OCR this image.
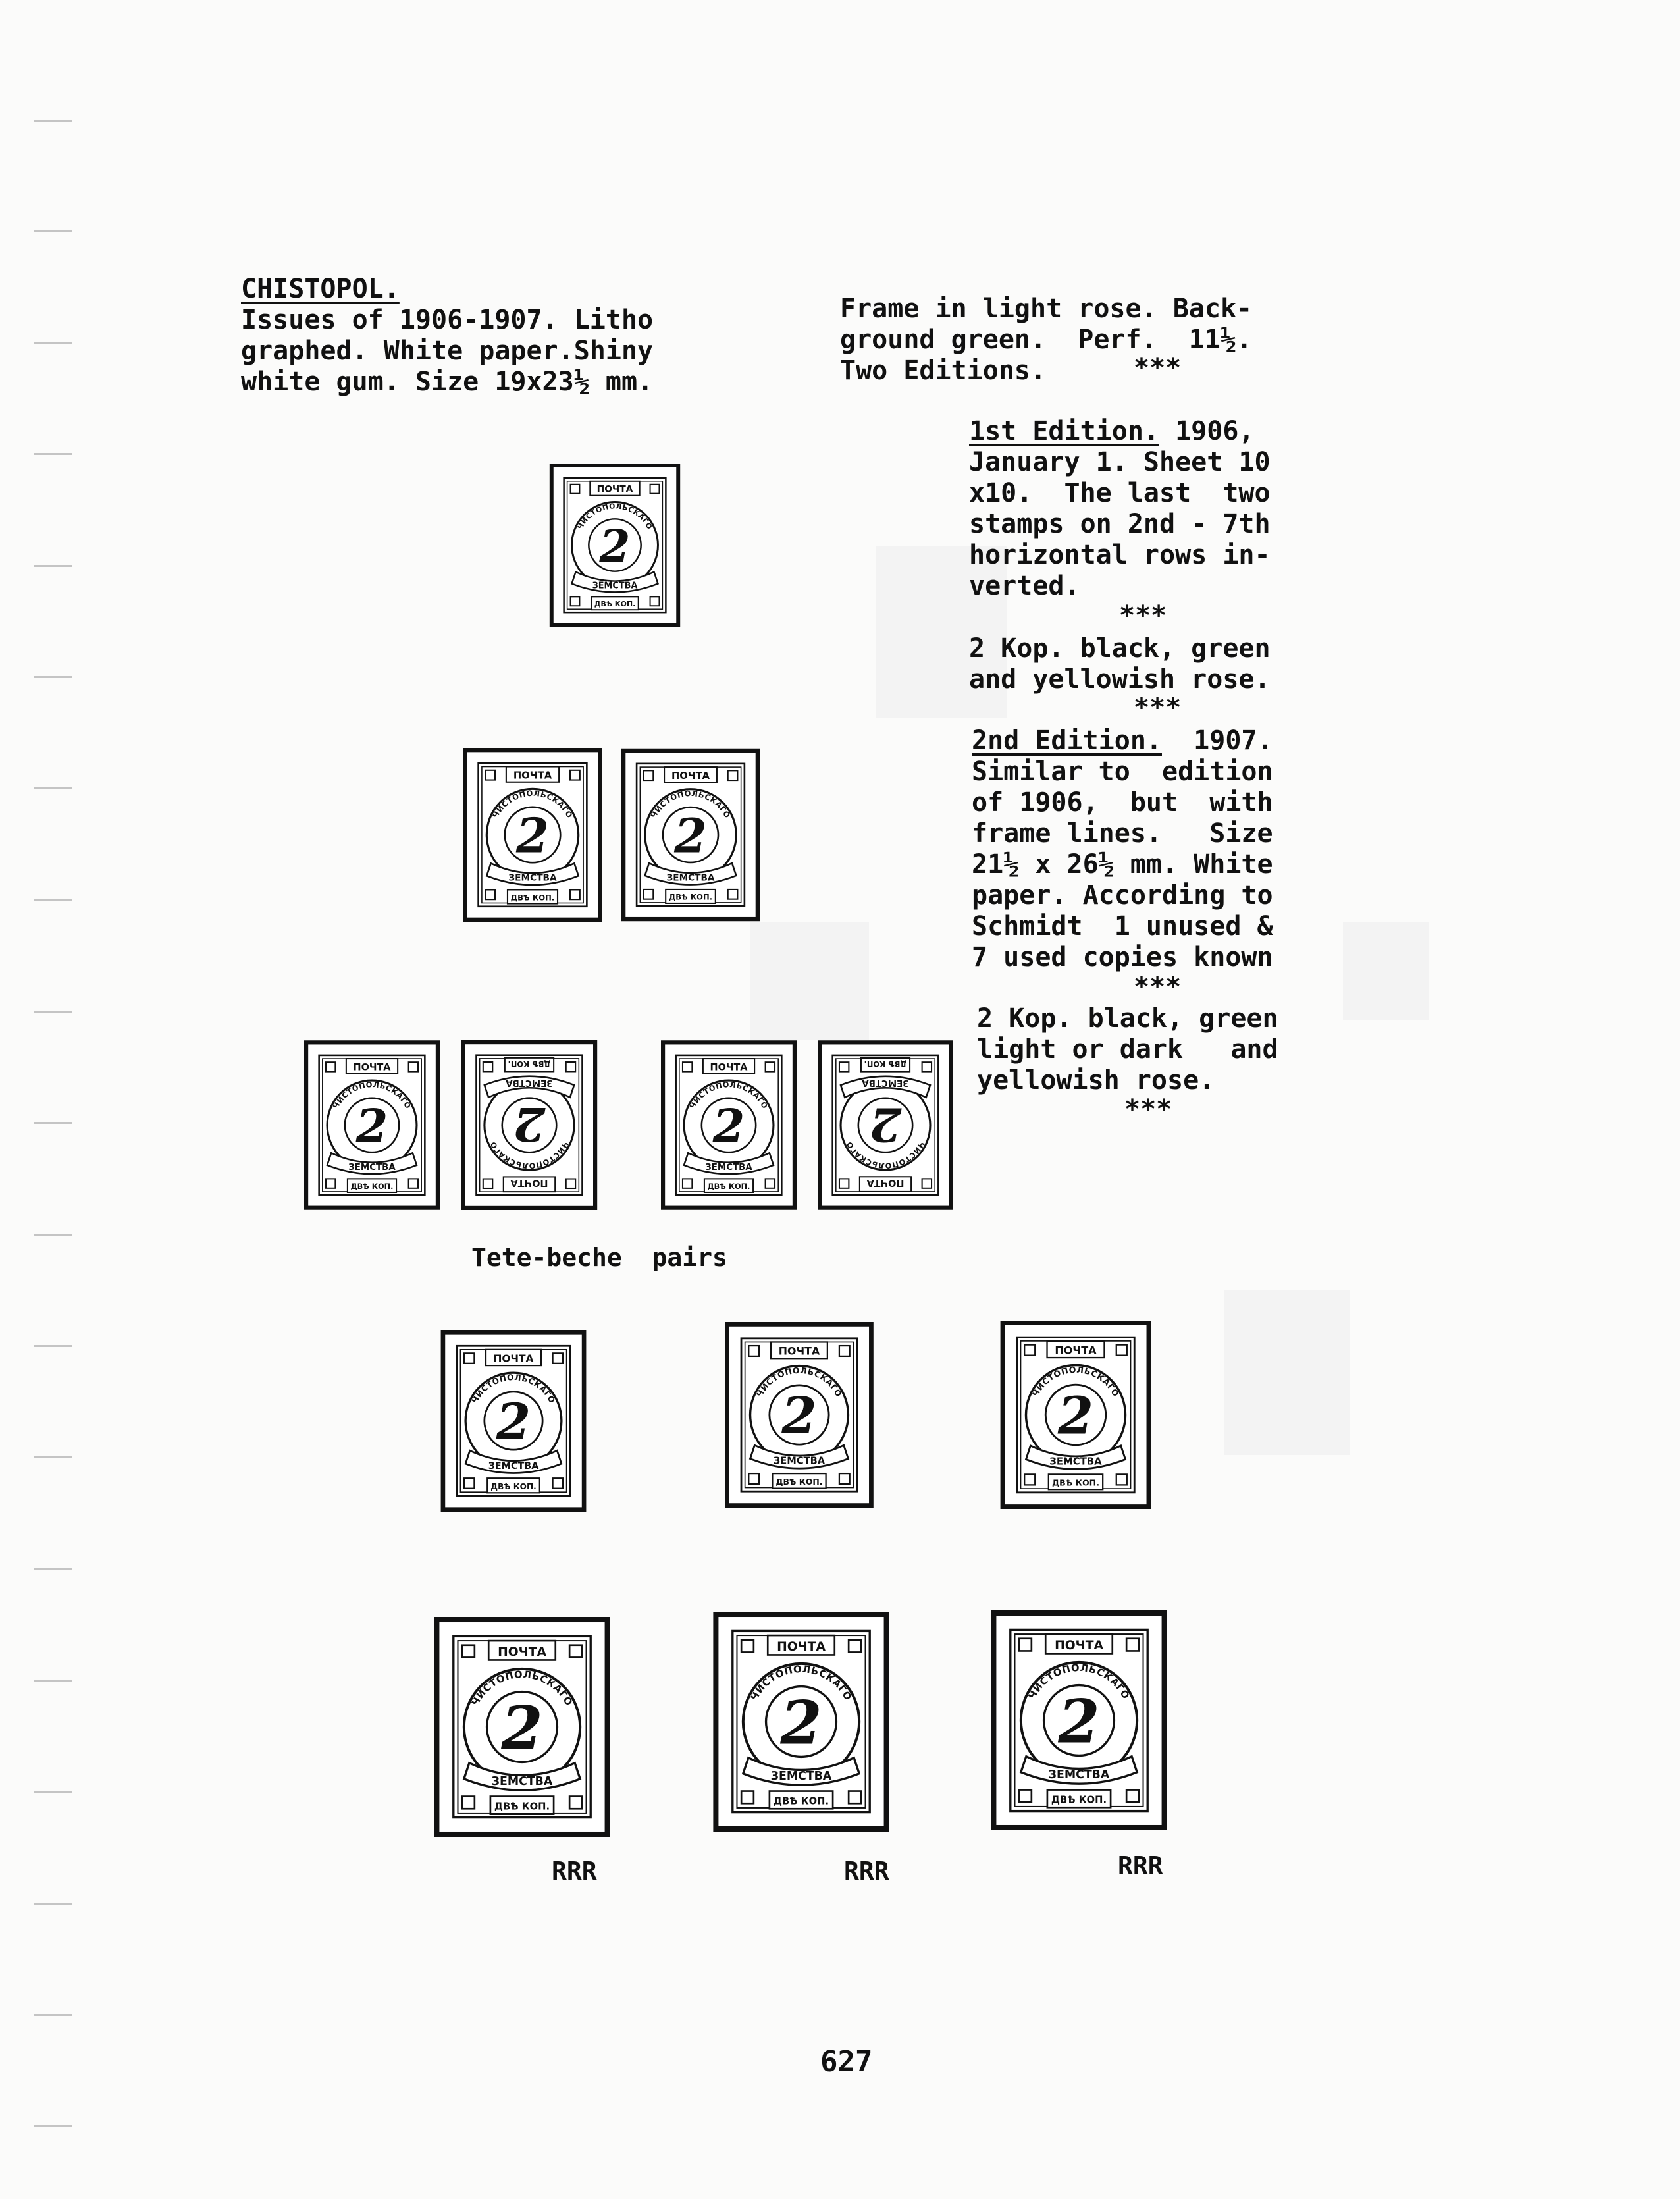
CHISTOPOL.
Issues of 1906-1907. Litho
graphed. White paper.Shiny
white gum. Size 19x23½ mm.
Frame in light rose. Back-
ground green.  Perf.  11½.
Two Editions.	***
1st Edition. 1906,
January 1. Sheet 10
x10.  The last  two
stamps on 2nd - 7th
horizontal rows in-
verted.
***
2 Kop. black, green
and yellowish rose.
***
2nd Edition.  1907.
Similar to  edition
of 1906,  but  with
frame lines.   Size
21½ x 26½ mm. White
paper. According to
Schmidt  1 unused &
7 used copies known
***
2 Kop. black, green
light or dark   and
yellowish rose.
***
ПОЧТА
ЧИСТОПОЛЬСКАГО
ЗЕМСТВА
2
ДВѢ КОП.
ПОЧТА
ЧИСТОПОЛЬСКАГО
ЗЕМСТВА
2
ДВѢ КОП.
ПОЧТА
ЧИСТОПОЛЬСКАГО
ЗЕМСТВА
2
ДВѢ КОП.
ПОЧТА
ЧИСТОПОЛЬСКАГО
ЗЕМСТВА
2
ДВѢ КОП.	ПОЧТА
ЧИСТОПОЛЬСКАГО
ЗЕМСТВА
2
ДВѢ КОП.	ПОЧТА
ЧИСТОПОЛЬСКАГО
ЗЕМСТВА
2
ДВѢ КОП.	ПОЧТА
ЧИСТОПОЛЬСКАГО
ЗЕМСТВА
2
ДВѢ КОП.
Tete-beche  pairs
ПОЧТА
ЧИСТОПОЛЬСКАГО
ЗЕМСТВА
2
ДВѢ КОП.
ПОЧТА
ЧИСТОПОЛЬСКАГО
ЗЕМСТВА
2
ДВѢ КОП.
ПОЧТА
ЧИСТОПОЛЬСКАГО
ЗЕМСТВА
2
ДВѢ КОП.
ПОЧТА
ЧИСТОПОЛЬСКАГО
ЗЕМСТВА
2
ДВѢ КОП.
ПОЧТА
ЧИСТОПОЛЬСКАГО
ЗЕМСТВА
2
ДВѢ КОП.
ПОЧТА
ЧИСТОПОЛЬСКАГО
ЗЕМСТВА
2
ДВѢ КОП.
RRR	RRR	RRR
627
